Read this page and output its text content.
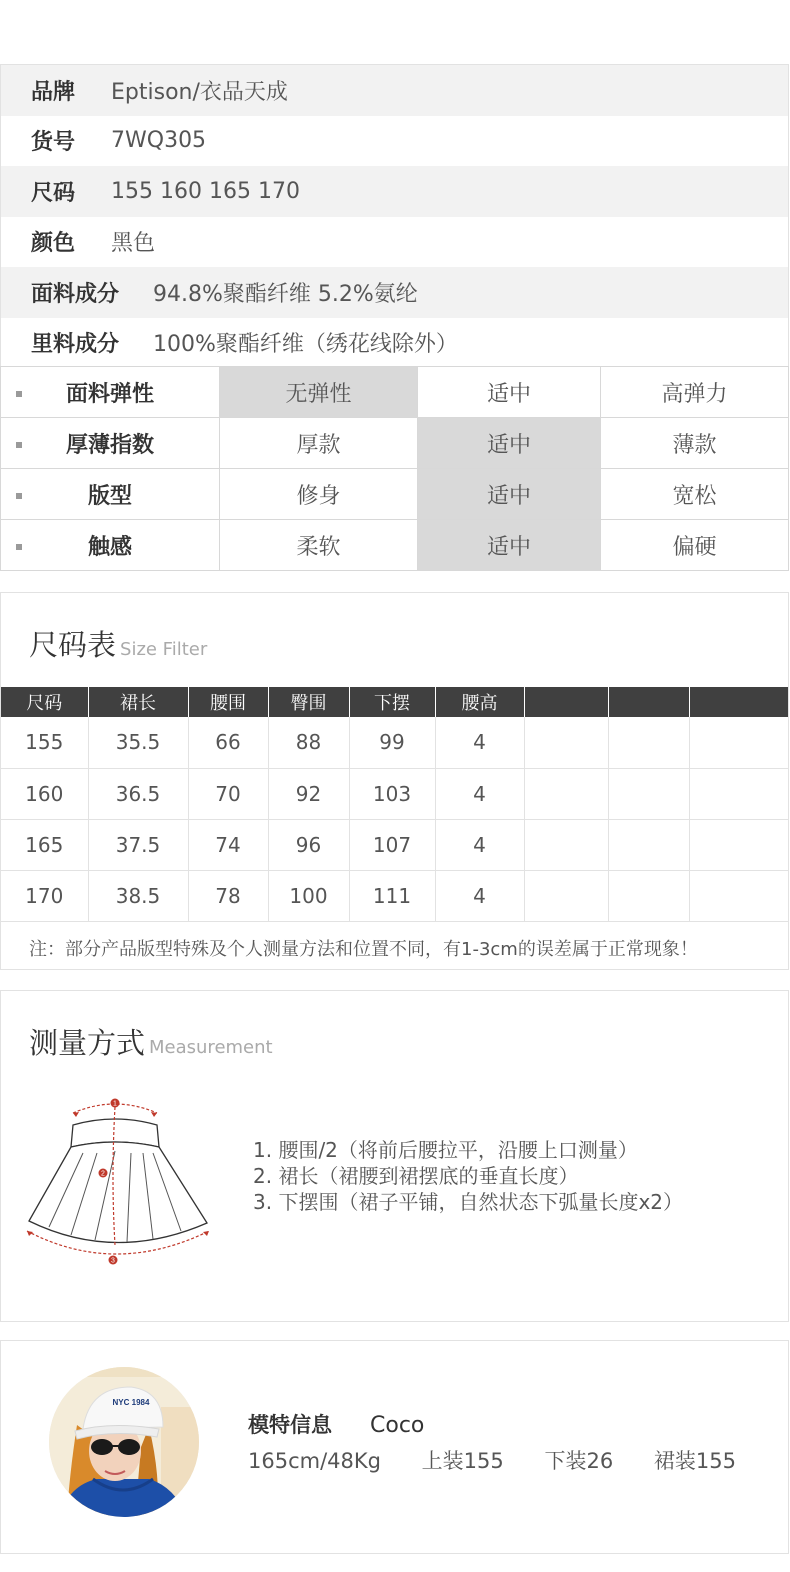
品牌	Eptison/衣品天成
货号	7WQ305
尺码	155 160 165 170
颜色	黑色
面料成分	94.8%聚酯纤维 5.2%氨纶
里料成分	100%聚酯纤维（绣花线除外）
面料弹性	无弹性	适中	高弹力

厚薄指数	厚款	适中	薄款

版型	修身	适中	宽松

触感	柔软	适中	偏硬
尺码表 Size Filter
尺码	裙长	腰围	臀围	下摆	腰高			
155	35.5	66	88	99	4			
160	36.5	70	92	103	4			
165	37.5	74	96	107	4			
170	38.5	78	100	111	4			
注：部分产品版型特殊及个人测量方法和位置不同，有1-3cm的误差属于正常现象！
测量方式 Measurement
1
2
3
1. 腰围/2（将前后腰拉平，沿腰上口测量）
2. 裙长（裙腰到裙摆底的垂直长度）
3. 下摆围（裙子平铺，自然状态下弧量长度x2）
NYC 1984
模特信息 Coco
165cm/48Kg 上装155 下装26 裙装155
